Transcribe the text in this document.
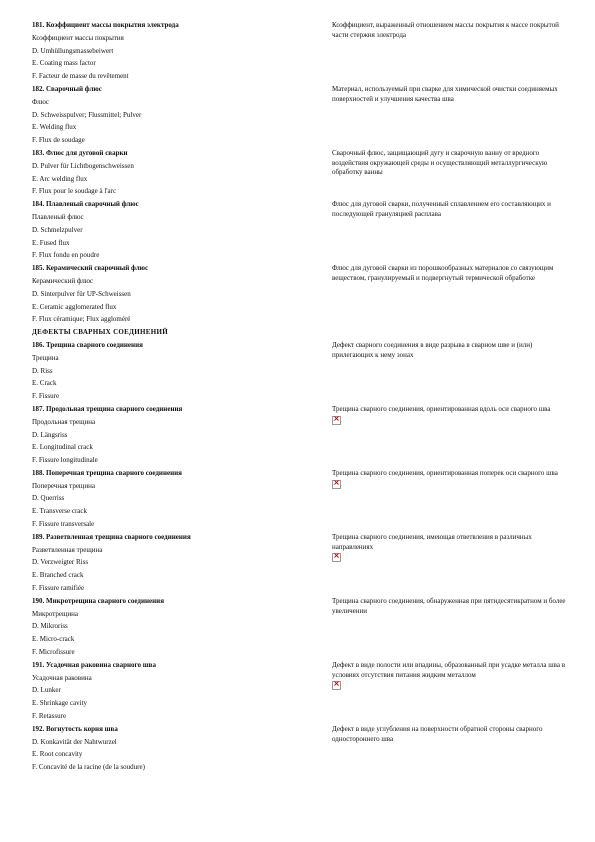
181. Коэффициент массы покрытия электрода
Коэффициент массы покрытия
D. Umhüllungsmassebeiwert
E. Coating mass factor
F. Facteur de masse du revêtement
182. Сварочный флюс
Флюс
D. Schweisspulver; Flussmittel; Pulver
E. Welding flux
F. Flux de soudage
183. Флюс для дуговой сварки
D. Pulver für Lichtbogenschweissen
E. Arc welding flux
F. Flux pour le soudage à l'arc
184. Плавленый сварочный флюс
Плавленый флюс
D. Schmelzpulver
E. Fused flux
F. Flux fondu en poudre
185. Керамический сварочный флюс
Керамический флюс
D. Sinterpulver für UP-Schweissen
E. Ceramic agglomerated flux
F. Flux céramique; Flux aggloméré
ДЕФЕКТЫ СВАРНЫХ СОЕДИНЕНИЙ
186. Трещина сварного соединения
Трещина
D. Riss
E. Crack
F. Fissure
187. Продольная трещина сварного соединения
Продольная трещина
D. Längsriss
E. Longitudinal crack
F. Fissure longitudinale
188. Поперечная трещина сварного соединения
Поперечная трещина
D. Querriss
E. Transverse crack
F. Fissure transversale
189. Разветвленная трещина сварного соединения
Разветвленная трещина
D. Verzweigter Riss
E. Branched crack
F. Fissure ramifiée
190. Микротрещина сварного соединения
Микротрещина
D. Mikroriss
E. Micro-crack
F. Microfissure
191. Усадочная раковина сварного шва
Усадочная раковина
D. Lunker
E. Shrinkage cavity
F. Retassure
192. Вогнутость корня шва
D. Konkavität der Nahtwurzel
E. Root concavity
F. Concavité de la racine (de la soudure)
Коэффициент, выраженный отношением массы покрытия к массе покрытой части стержня электрода
Материал, используемый при сварке для химической очистки соединяемых поверхностей и улучшения качества шва
Сварочный флюс, защищающий дугу и сварочную ванну от вредного воздействия окружающей среды и осуществляющий металлургическую обработку ванны
Флюс для дуговой сварки, полученный сплавлением его составляющих и последующей грануляцией расплава
Флюс для дуговой сварки из порошкообразных материалов со связующим веществом, гранулируемый и подвергнутый термической обработке
Дефект сварного соединения в виде разрыва в сварном шве и (или) прилегающих к нему зонах
Трещина сварного соединения, ориентированная вдоль оси сварного шва
×
Трещина сварного соединения, ориентированная поперек оси сварного шва
×
Трещина сварного соединения, имеющая ответвления в различных направлениях
×
Трещина сварного соединения, обнаруженная при пятидесятикратном и более увеличении
Дефект в виде полости или впадины, образованный при усадке металла шва в условиях отсутствия питания жидким металлом
×
Дефект в виде углубления на поверхности обратной стороны сварного одностороннего шва
